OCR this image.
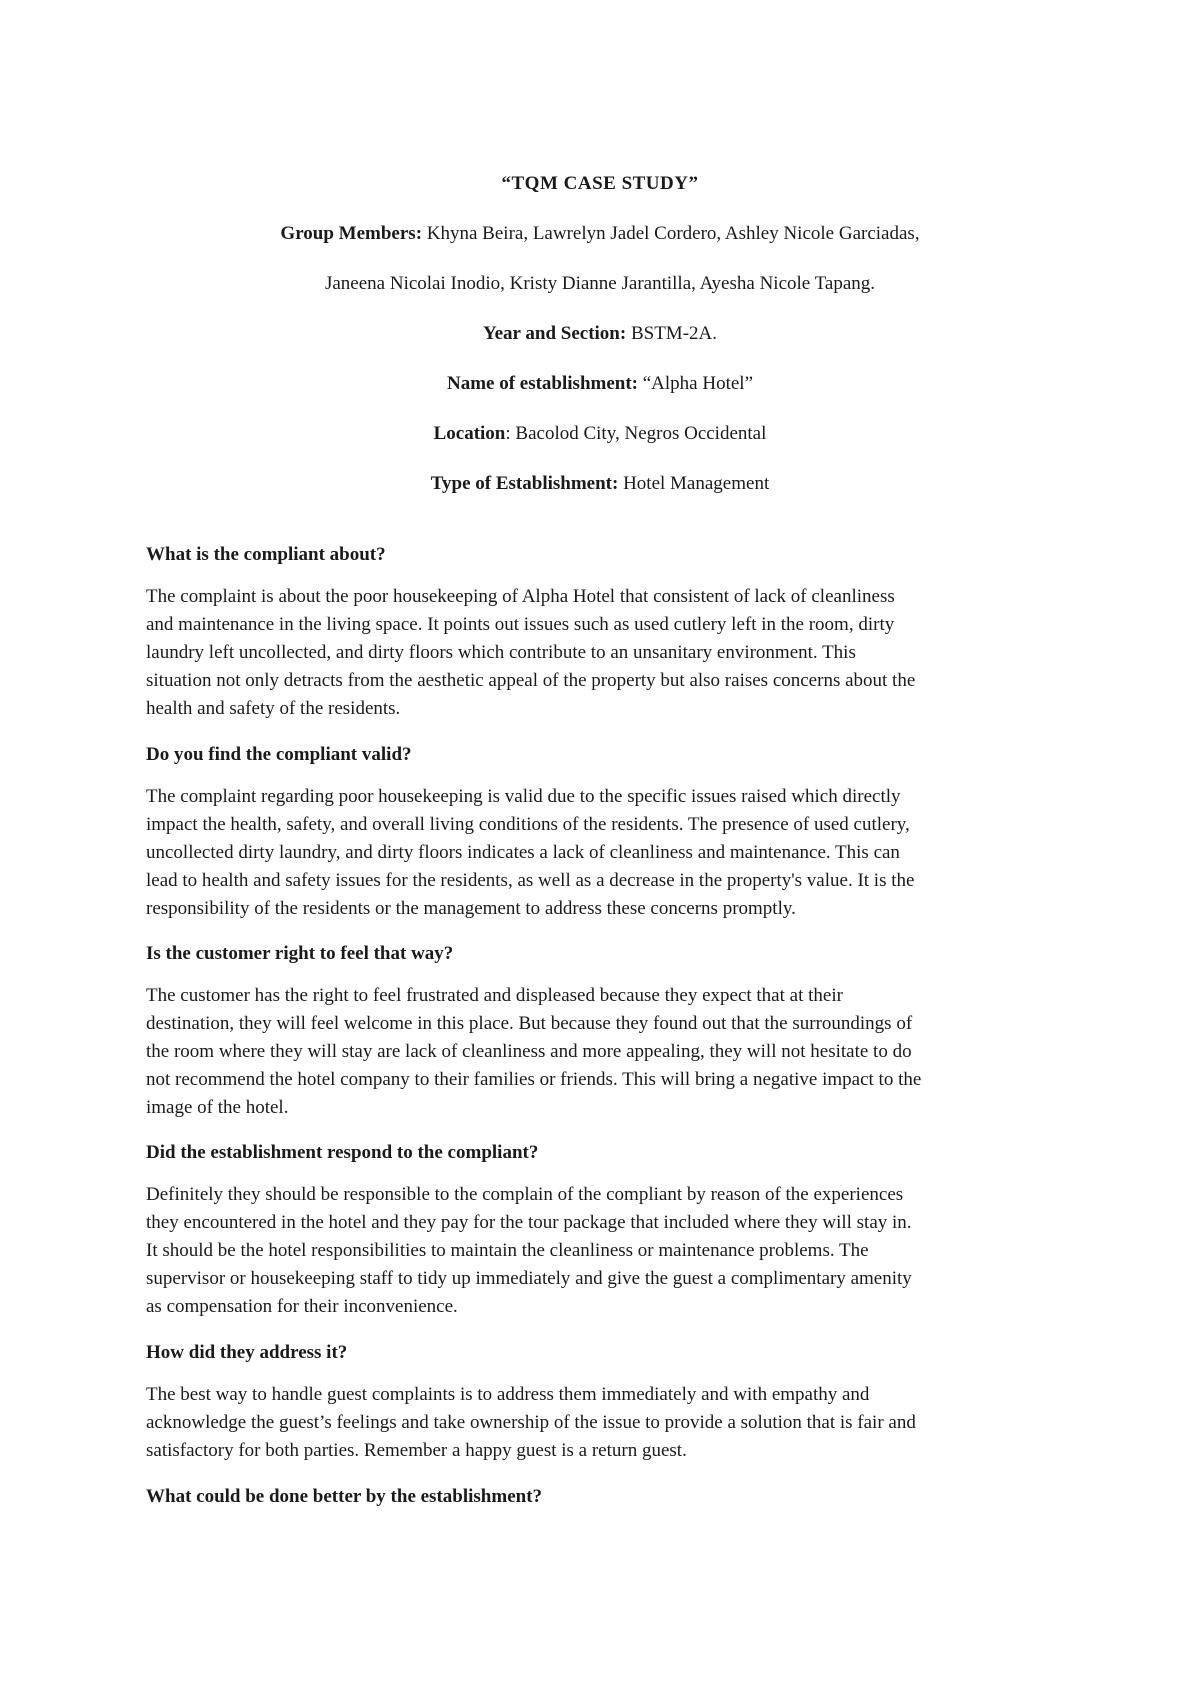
“TQM CASE STUDY”
Group Members: Khyna Beira, Lawrelyn Jadel Cordero, Ashley Nicole Garciadas,
Janeena Nicolai Inodio, Kristy Dianne Jarantilla, Ayesha Nicole Tapang.
Year and Section: BSTM-2A.
Name of establishment: “Alpha Hotel”
Location: Bacolod City, Negros Occidental
Type of Establishment: Hotel Management
What is the compliant about?
The complaint is about the poor housekeeping of Alpha Hotel that consistent of lack of cleanliness
and maintenance in the living space. It points out issues such as used cutlery left in the room, dirty
laundry left uncollected, and dirty floors which contribute to an unsanitary environment. This
situation not only detracts from the aesthetic appeal of the property but also raises concerns about the
health and safety of the residents.
Do you find the compliant valid?
The complaint regarding poor housekeeping is valid due to the specific issues raised which directly
impact the health, safety, and overall living conditions of the residents. The presence of used cutlery,
uncollected dirty laundry, and dirty floors indicates a lack of cleanliness and maintenance. This can
lead to health and safety issues for the residents, as well as a decrease in the property's value. It is the
responsibility of the residents or the management to address these concerns promptly.
Is the customer right to feel that way?
The customer has the right to feel frustrated and displeased because they expect that at their
destination, they will feel welcome in this place. But because they found out that the surroundings of
the room where they will stay are lack of cleanliness and more appealing, they will not hesitate to do
not recommend the hotel company to their families or friends. This will bring a negative impact to the
image of the hotel.
Did the establishment respond to the compliant?
Definitely they should be responsible to the complain of the compliant by reason of the experiences
they encountered in the hotel and they pay for the tour package that included where they will stay in.
It should be the hotel responsibilities to maintain the cleanliness or maintenance problems. The
supervisor or housekeeping staff to tidy up immediately and give the guest a complimentary amenity
as compensation for their inconvenience.
How did they address it?
The best way to handle guest complaints is to address them immediately and with empathy and
acknowledge the guest’s feelings and take ownership of the issue to provide a solution that is fair and
satisfactory for both parties. Remember a happy guest is a return guest.
What could be done better by the establishment?
